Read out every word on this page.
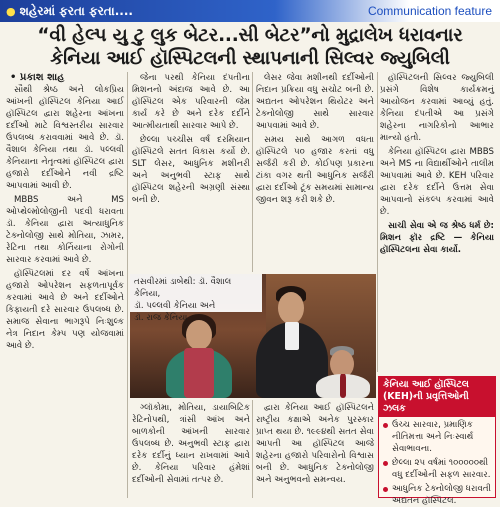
● શહેરમાં ફરતા ફરતા....	Communication feature
“વી હેલ્પ યુ ટુ લુક બેટર...સી બેટર”નો મુદ્રાલેખ ધરાવનાર
કેનિયા આઈ હૉસ્પિટલની સ્થાપનાની સિલ્વર જ્યુબિલી
• પ્રકાશ શાહ

સૌથી શ્રેષ્ઠ અને લોકપ્રિય આંખની હૉસ્પિટલ કેનિયા આઈ હૉસ્પિટલ દ્વારા શહેરના આંખના દર્દીઓ માટે વિશ્વસ્તરીય સારવાર ઉપલબ્ધ કરાવવામાં આવે છે. ડૉ. વૈશાલ કેનિયા તથા ડૉ. પલ્લવી કેનિયાના નેતૃત્વમાં હૉસ્પિટલ દ્વારા હજારો દર્દીઓને નવી દ્રષ્ટિ આપવામાં આવી છે.

MBBS અને MS ઓપ્થેલ્મોલોજીની પદવી ધરાવતા ડૉ. કેનિયા દ્વારા અત્યાધુનિક ટેક્નોલોજી સાથે મોતિયા, ઝામર, રેટિના તથા કોર્નિયાના રોગોની સારવાર કરવામાં આવે છે.

હૉસ્પિટલમાં દર વર્ષે આંખના હજારો ઓપરેશન સફળતાપૂર્વક કરવામાં આવે છે અને દર્દીઓને કિફાયતી દરે સારવાર ઉપલબ્ધ છે. સમાજ સેવાના ભાગરૂપે નિઃશુલ્ક નેત્ર નિદાન કેમ્પ પણ યોજવામાં આવે છે.

જેના પરથી કેનિયા દંપતીના મિશનનો અંદાજ આવે છે. આ હૉસ્પિટલ એક પરિવારની જેમ કાર્ય કરે છે અને દરેક દર્દીને આત્મીયતાથી સારવાર આપે છે.

છેલ્લા પચ્ચીસ વર્ષ દરમિયાન હૉસ્પિટલે સતત વિકાસ કર્યો છે. SLT લેસર, આધુનિક મશીનરી અને અનુભવી સ્ટાફ સાથે હૉસ્પિટલ શહેરની અગ્રણી સંસ્થા બની છે.

લેસર જેવા મશીનથી દર્દીઓની નિદાન પ્રક્રિયા વધુ સચોટ બની છે. અદ્યતન ઓપરેશન થિયેટર અને ટેક્નોલોજી સાથે સારવાર આપવામાં આવે છે.

સમય સાથે આગળ વધતા હૉસ્પિટલે ૫૦ હજાર કરતાં વધુ સર્જરી કરી છે. કોઈપણ પ્રકારના ટાંકા વગર થતી આધુનિક સર્જરી દ્વારા દર્દીઓ ટૂંક સમયમાં સામાન્ય જીવન શરૂ કરી શકે છે.

હૉસ્પિટલની સિલ્વર જ્યુબિલી પ્રસંગે વિશેષ કાર્યક્રમનું આયોજન કરવામાં આવ્યું હતું. કેનિયા દંપતીએ આ પ્રસંગે શહેરના નાગરિકોનો આભાર માન્યો હતો.

કેનિયા હૉસ્પિટલ દ્વારા MBBS અને MS ના વિદ્યાર્થીઓને તાલીમ આપવામાં આવે છે. KEH પરિવાર દ્વારા દરેક દર્દીને ઉત્તમ સેવા આપવાનો સંકલ્પ કરવામાં આવે છે.

સાચી સેવા એ જ શ્રેષ્ઠ ધર્મ છે: મિશન ફૉર દ્રષ્ટિ — કેનિયા હૉસ્પિટલના સેવા કાર્યો.

તસવીરમાં ડાબેથી: ડૉ. વૈશાલ કેનિયા,
ડૉ. પલ્લવી કેનિયા અને
ડૉ. રાજ કેનિયા

ગ્લૉકોમા, મોતિયા, ડાયાબિટિક રેટિનોપથી, ત્રાંસી આંખ અને બાળકોની આંખની સારવાર ઉપલબ્ધ છે. અનુભવી સ્ટાફ દ્વારા દરેક દર્દીનું ધ્યાન રાખવામાં આવે છે. કેનિયા પરિવાર હંમેશાં દર્દીઓની સેવામાં તત્પર છે.

દ્વારા કેનિયા આઈ હૉસ્પિટલને રાષ્ટ્રીય કક્ષાએ અનેક પુરસ્કાર પ્રાપ્ત થયા છે. ૧૯૯૪થી સતત સેવા આપતી આ હૉસ્પિટલ આજે શહેરના હજારો પરિવારોનો વિશ્વાસ બની છે. આધુનિક ટેક્નોલોજી અને અનુભવનો સમન્વય.

કેનિયા આઈ હૉસ્પિટલ (KEH)ની પ્રવૃત્તિઓની ઝલક
ઉચ્ચ સારવાર, પ્રમાણિક નીતિમત્તા અને નિઃસ્વાર્થ સેવાભાવના.
છેલ્લા ૨૫ વર્ષમાં ૧૦૦૦૦૦થી વધુ દર્દીઓની સફળ સારવાર.
આધુનિક ટેક્નોલોજી ધરાવતી અદ્યતન હૉસ્પિટલ.
